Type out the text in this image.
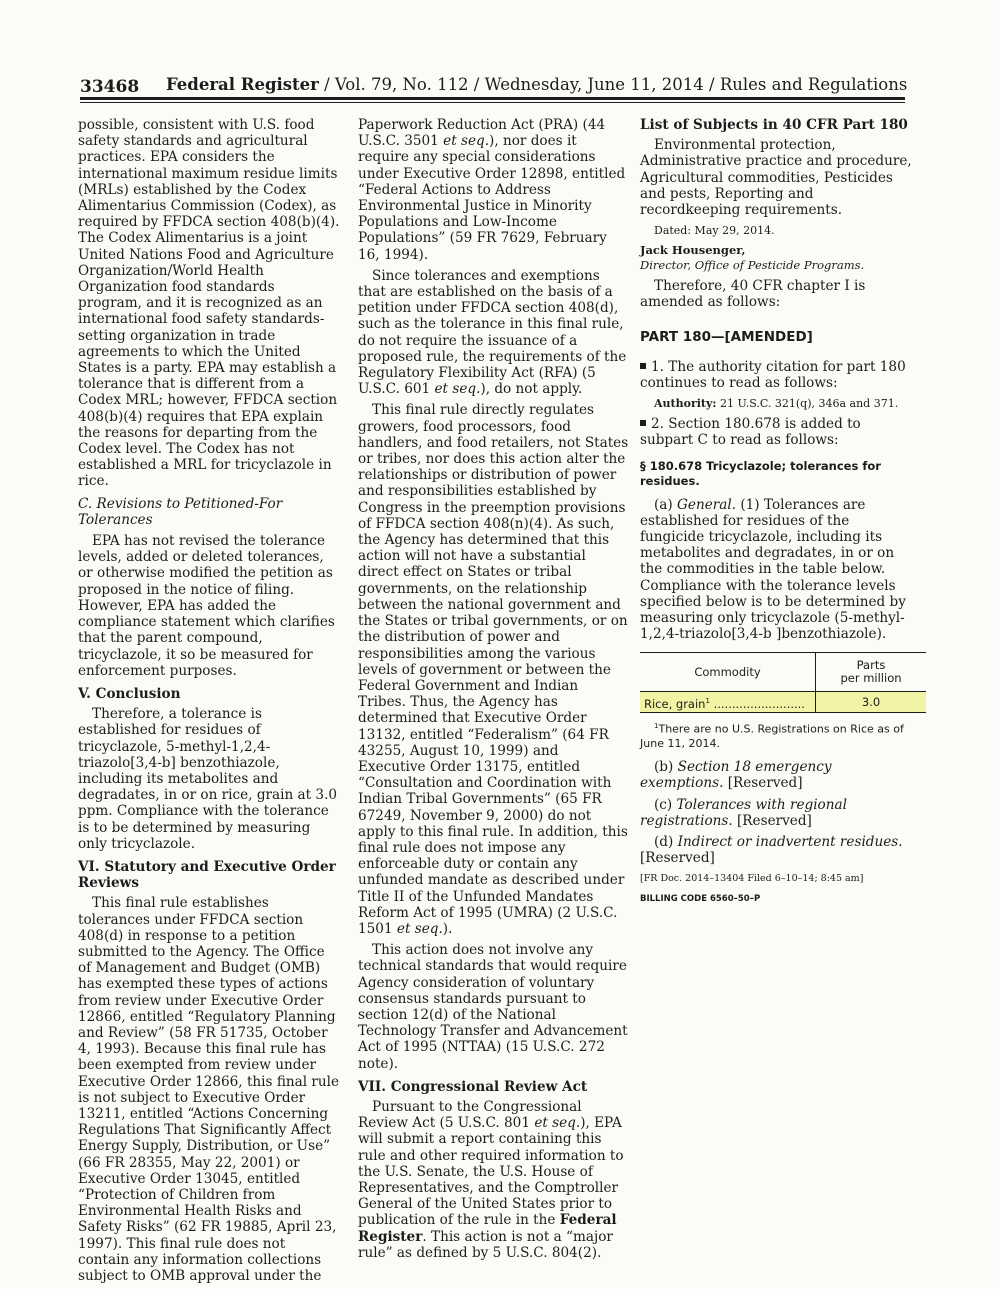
33468 Federal Register / Vol. 79, No. 112 / Wednesday, June 11, 2014 / Rules and Regulations

possible, consistent with U.S. food safety standards and agricultural practices. EPA considers the international maximum residue limits (MRLs) established by the Codex Alimentarius Commission (Codex), as required by FFDCA section 408(b)(4). The Codex Alimentarius is a joint United Nations Food and Agriculture Organization/World Health Organization food standards program, and it is recognized as an international food safety standards-setting organization in trade agreements to which the United States is a party. EPA may establish a tolerance that is different from a Codex MRL; however, FFDCA section 408(b)(4) requires that EPA explain the reasons for departing from the Codex level. The Codex has not established a MRL for tricyclazole in rice.

C. Revisions to Petitioned-For
Tolerances

EPA has not revised the tolerance levels, added or deleted tolerances, or otherwise modified the petition as proposed in the notice of filing. However, EPA has added the compliance statement which clarifies that the parent compound, tricyclazole, it so be measured for enforcement purposes.

V. Conclusion

Therefore, a tolerance is established for residues of tricyclazole, 5-methyl-1,2,4-triazolo[3,4-b] benzothiazole, including its metabolites and degradates, in or on rice, grain at 3.0 ppm. Compliance with the tolerance is to be determined by measuring only tricyclazole.

VI. Statutory and Executive Order Reviews

This final rule establishes tolerances under FFDCA section 408(d) in response to a petition submitted to the Agency. The Office of Management and Budget (OMB) has exempted these types of actions from review under Executive Order 12866, entitled “Regulatory Planning and Review” (58 FR 51735, October 4, 1993). Because this final rule has been exempted from review under Executive Order 12866, this final rule is not subject to Executive Order 13211, entitled “Actions Concerning Regulations That Significantly Affect Energy Supply, Distribution, or Use” (66 FR 28355, May 22, 2001) or Executive Order 13045, entitled “Protection of Children from Environmental Health Risks and Safety Risks” (62 FR 19885, April 23, 1997). This final rule does not contain any information collections subject to OMB approval under the

Paperwork Reduction Act (PRA) (44 U.S.C. 3501 et seq.), nor does it require any special considerations under Executive Order 12898, entitled “Federal Actions to Address Environmental Justice in Minority Populations and Low-Income Populations” (59 FR 7629, February 16, 1994).

Since tolerances and exemptions that are established on the basis of a petition under FFDCA section 408(d), such as the tolerance in this final rule, do not require the issuance of a proposed rule, the requirements of the Regulatory Flexibility Act (RFA) (5 U.S.C. 601 et seq.), do not apply.

This final rule directly regulates growers, food processors, food handlers, and food retailers, not States or tribes, nor does this action alter the relationships or distribution of power and responsibilities established by Congress in the preemption provisions of FFDCA section 408(n)(4). As such, the Agency has determined that this action will not have a substantial direct effect on States or tribal governments, on the relationship between the national government and the States or tribal governments, or on the distribution of power and responsibilities among the various levels of government or between the Federal Government and Indian Tribes. Thus, the Agency has determined that Executive Order 13132, entitled “Federalism” (64 FR 43255, August 10, 1999) and Executive Order 13175, entitled “Consultation and Coordination with Indian Tribal Governments” (65 FR 67249, November 9, 2000) do not apply to this final rule. In addition, this final rule does not impose any enforceable duty or contain any unfunded mandate as described under Title II of the Unfunded Mandates Reform Act of 1995 (UMRA) (2 U.S.C. 1501 et seq.).

This action does not involve any technical standards that would require Agency consideration of voluntary consensus standards pursuant to section 12(d) of the National Technology Transfer and Advancement Act of 1995 (NTTAA) (15 U.S.C. 272 note).

VII. Congressional Review Act

Pursuant to the Congressional Review Act (5 U.S.C. 801 et seq.), EPA will submit a report containing this rule and other required information to the U.S. Senate, the U.S. House of Representatives, and the Comptroller General of the United States prior to publication of the rule in the Federal Register. This action is not a “major rule” as defined by 5 U.S.C. 804(2).

List of Subjects in 40 CFR Part 180

Environmental protection, Administrative practice and procedure, Agricultural commodities, Pesticides and pests, Reporting and recordkeeping requirements.

Dated: May 29, 2014.

Jack Housenger,

Director, Office of Pesticide Programs.

Therefore, 40 CFR chapter I is amended as follows:

PART 180—[AMENDED]

1. The authority citation for part 180 continues to read as follows:

Authority: 21 U.S.C. 321(q), 346a and 371.

2. Section 180.678 is added to subpart C to read as follows:

§ 180.678 Tricyclazole; tolerances for residues.

(a) General. (1) Tolerances are established for residues of the fungicide tricyclazole, including its metabolites and degradates, in or on the commodities in the table below. Compliance with the tolerance levels specified below is to be determined by measuring only tricyclazole (5-methyl-1,2,4-triazolo[3,4-b ]benzothiazole).

Commodity	Parts
per million
Rice, grain$^1$ .........................	3.0

$^1$There are no U.S. Registrations on Rice as of June 11, 2014.

(b) Section 18 emergency exemptions. [Reserved]

(c) Tolerances with regional registrations. [Reserved]

(d) Indirect or inadvertent residues. [Reserved]

[FR Doc. 2014–13404 Filed 6–10–14; 8:45 am]

BILLING CODE 6560–50–P
